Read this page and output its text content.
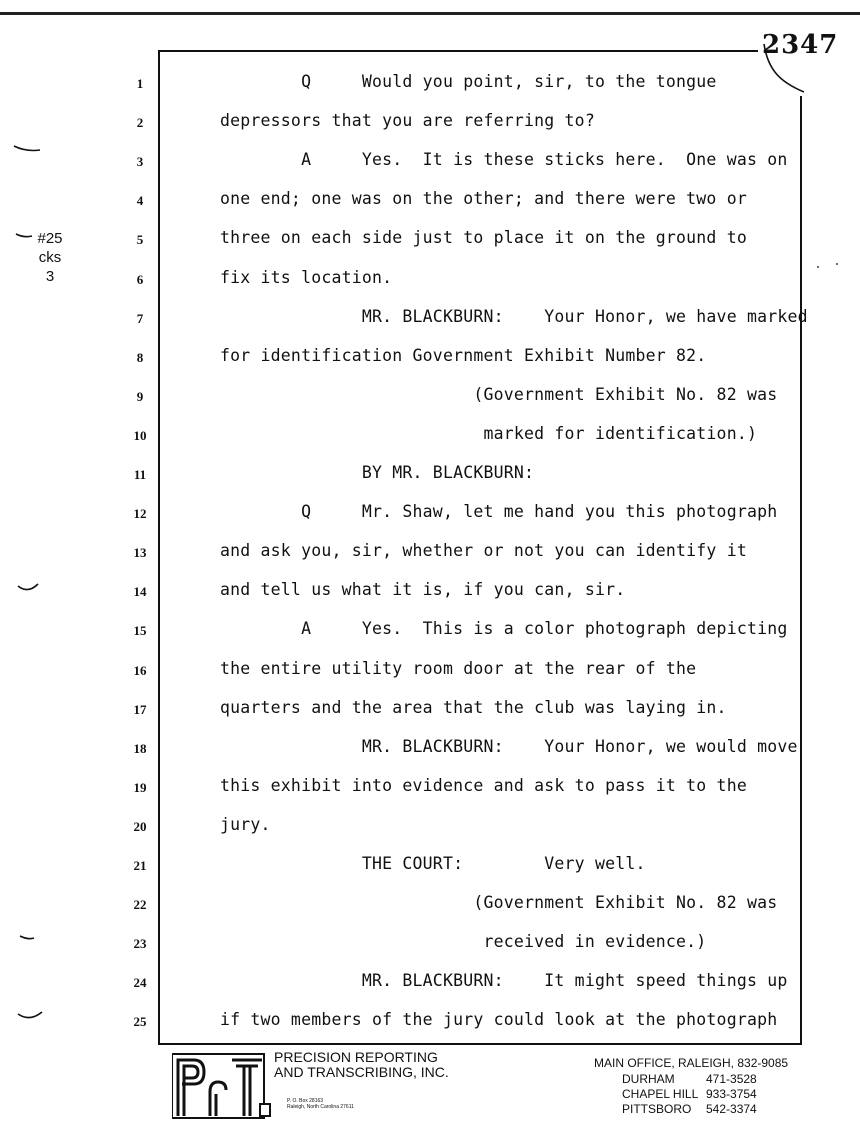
2347
#25
cks
3
1	Q     Would you point, sir, to the tongue
2	depressors that you are referring to?
3	A     Yes.  It is these sticks here.  One was on
4	one end; one was on the other; and there were two or
5	three on each side just to place it on the ground to
6	fix its location.
7	MR. BLACKBURN:    Your Honor, we have marked
8	for identification Government Exhibit Number 82.
9	(Government Exhibit No. 82 was
10	marked for identification.)
11	BY MR. BLACKBURN:
12	Q     Mr. Shaw, let me hand you this photograph
13	and ask you, sir, whether or not you can identify it
14	and tell us what it is, if you can, sir.
15	A     Yes.  This is a color photograph depicting
16	the entire utility room door at the rear of the
17	quarters and the area that the club was laying in.
18	MR. BLACKBURN:    Your Honor, we would move
19	this exhibit into evidence and ask to pass it to the
20	jury.
21	THE COURT:        Very well.
22	(Government Exhibit No. 82 was
23	received in evidence.)
24	MR. BLACKBURN:    It might speed things up
25	if two members of the jury could look at the photograph
PRECISION REPORTING
AND TRANSCRIBING, INC.
P. O. Box 28163
Raleigh, North Carolina 27611
MAIN OFFICE, RALEIGH, 832-9085
DURHAM	471-3528
CHAPEL HILL 933-3754
PITTSBORO 542-3374
